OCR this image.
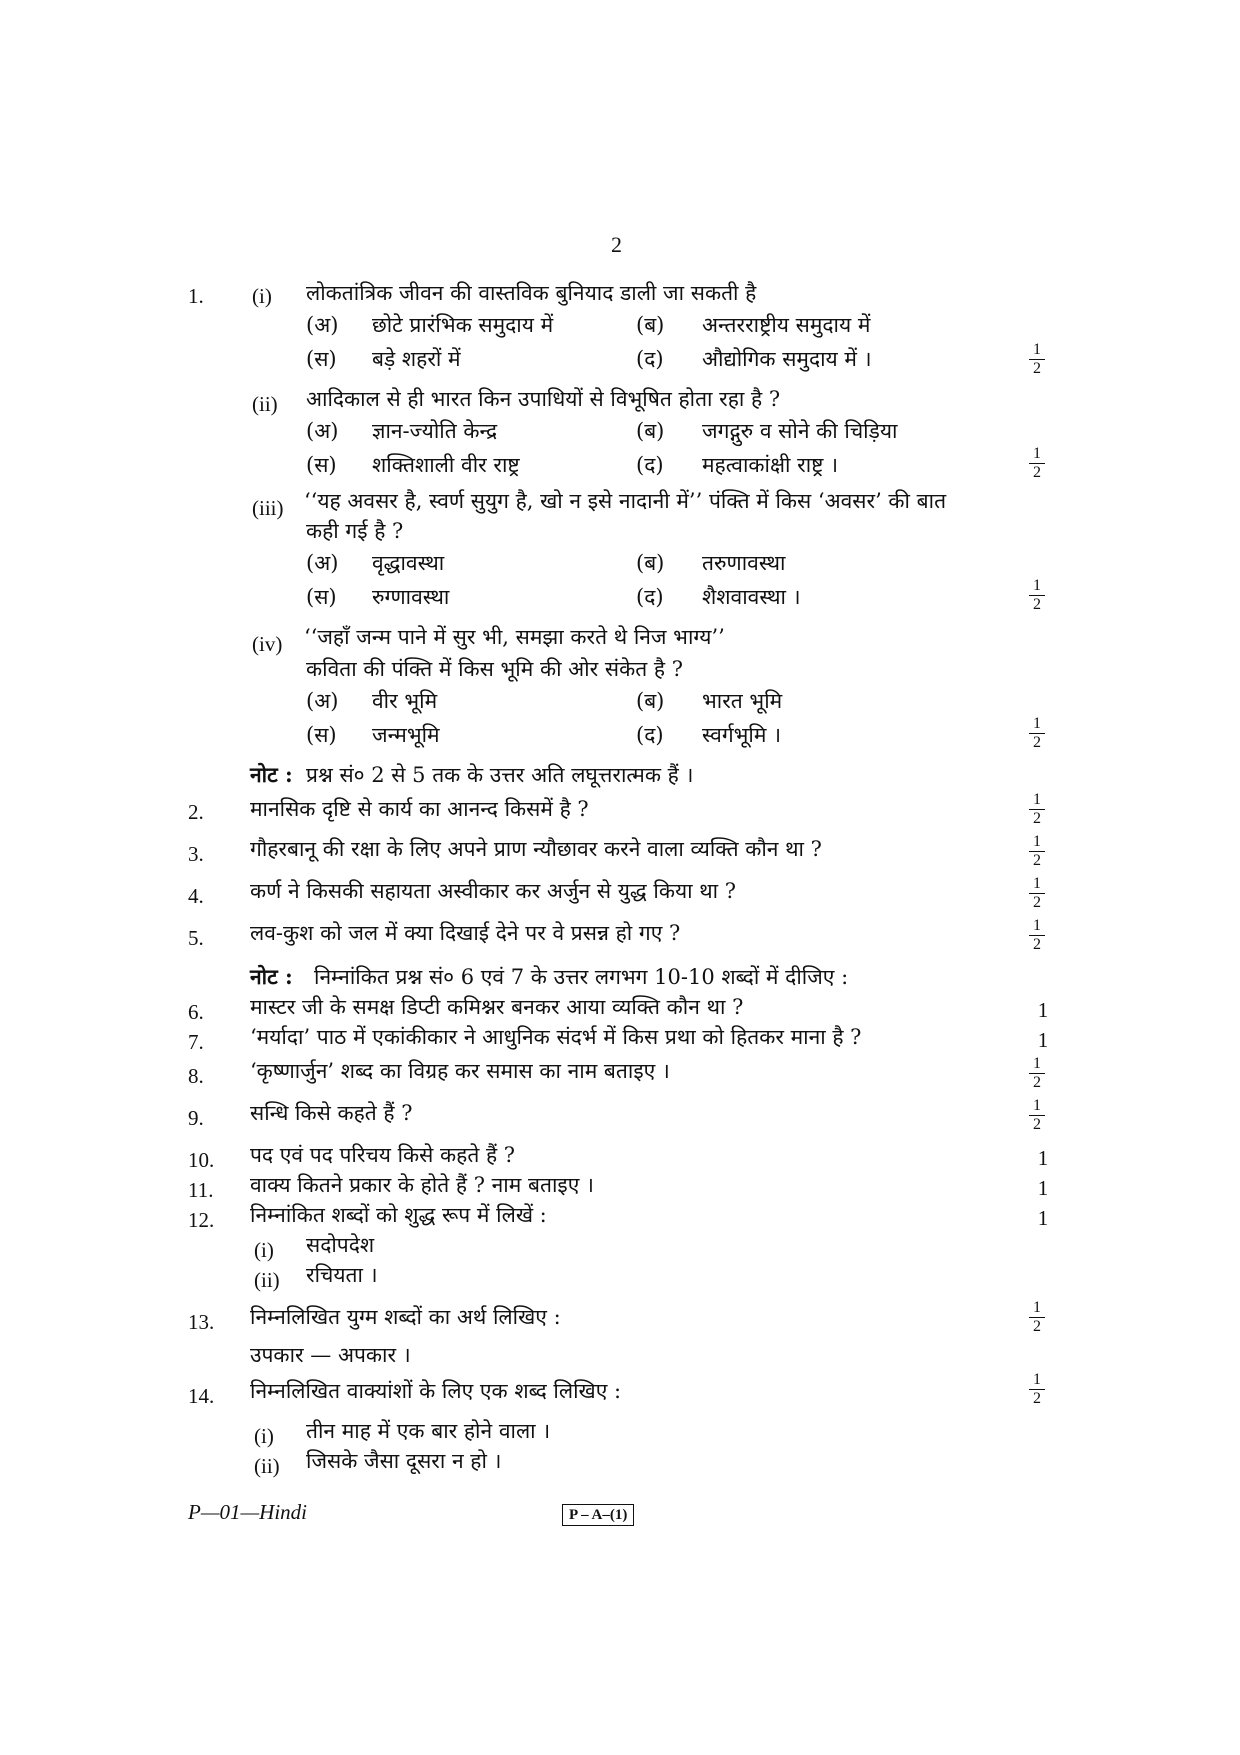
2
1. (i) लोकतांत्रिक जीवन की वास्तविक बुनियाद डाली जा सकती है
(अ) छोटे प्रारंभिक समुदाय में	(ब) अन्तरराष्ट्रीय समुदाय में
(स) बड़े शहरों में	(द) औद्योगिक समुदाय में ।	1
2
(ii) आदिकाल से ही भारत किन उपाधियों से विभूषित होता रहा है ?
(अ) ज्ञान-ज्योति केन्द्र	(ब) जगद्गुरु व सोने की चिड़िया
(स) शक्तिशाली वीर राष्ट्र	(द) महत्वाकांक्षी राष्ट्र ।	1
2
(iii) ‘‘यह अवसर है, स्वर्ण सुयुग है, खो न इसे नादानी में’’ पंक्ति में किस ‘अवसर’ की बात
कही गई है ?
(अ) वृद्धावस्था	(ब) तरुणावस्था
(स) रुग्णावस्था	(द) शैशवावस्था ।	1
2
(iv) ‘‘जहाँ जन्म पाने में सुर भी, समझा करते थे निज भाग्य’’
कविता की पंक्ति में किस भूमि की ओर संकेत है ?
(अ) वीर भूमि	(ब) भारत भूमि
(स) जन्मभूमि	(द) स्वर्गभूमि ।	1
2
नोट : प्रश्न सं० 2 से 5 तक के उत्तर अति लघूत्तरात्मक हैं ।
2. मानसिक दृष्टि से कार्य का आनन्द किसमें है ?	1
2
3. गौहरबानू की रक्षा के लिए अपने प्राण न्यौछावर करने वाला व्यक्ति कौन था ?	1
2
4. कर्ण ने किसकी सहायता अस्वीकार कर अर्जुन से युद्ध किया था ?	1
2
5. लव-कुश को जल में क्या दिखाई देने पर वे प्रसन्न हो गए ?	1
2
नोट : निम्नांकित प्रश्न सं० 6 एवं 7 के उत्तर लगभग 10-10 शब्दों में दीजिए :
6. मास्टर जी के समक्ष डिप्टी कमिश्नर बनकर आया व्यक्ति कौन था ?	1
7. ‘मर्यादा’ पाठ में एकांकीकार ने आधुनिक संदर्भ में किस प्रथा को हितकर माना है ?	1
8. ‘कृष्णार्जुन’ शब्द का विग्रह कर समास का नाम बताइए ।	1
2
9. सन्धि किसे कहते हैं ?	1
2
10. पद एवं पद परिचय किसे कहते हैं ?	1
11. वाक्य कितने प्रकार के होते हैं ? नाम बताइए ।	1
12. निम्नांकित शब्दों को शुद्ध रूप में लिखें :	1
(i) सदोपदेश
(ii) रचियता ।
13. निम्नलिखित युग्म शब्दों का अर्थ लिखिए :	1
2
उपकार — अपकार ।
14. निम्नलिखित वाक्यांशों के लिए एक शब्द लिखिए :	1
2
(i) तीन माह में एक बार होने वाला ।
(ii) जिसके जैसा दूसरा न हो ।
P—01—Hindi	P – A–(1)
